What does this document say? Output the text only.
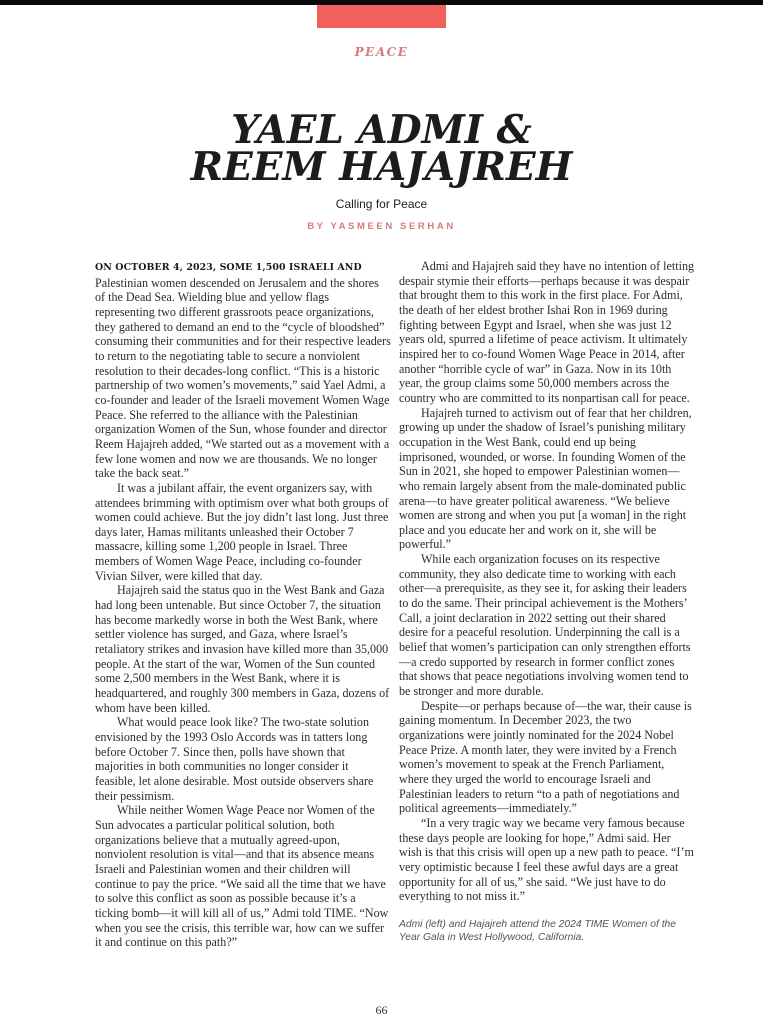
PEACE
YAEL ADMI &
REEM HAJAJREH
Calling for Peace
BY YASMEEN SERHAN

ON OCTOBER 4, 2023, SOME 1,500 ISRAELI AND Palestinian women descended on Jerusalem and the shores of the Dead Sea. Wielding blue and yellow flags representing two different grassroots peace organizations, they gathered to demand an end to the “cycle of bloodshed” consuming their communities and for their respective leaders to return to the negotiating table to secure a nonviolent resolution to their decades-long conflict. “This is a historic partnership of two women’s movements,” said Yael Admi, a co-founder and leader of the Israeli movement Women Wage Peace. She referred to the alliance with the Palestinian organization Women of the Sun, whose founder and director Reem Hajajreh added, “We started out as a movement with a few lone women and now we are thousands. We no longer take the back seat.”

It was a jubilant affair, the event organizers say, with attendees brimming with optimism over what both groups of women could achieve. But the joy didn’t last long. Just three days later, Hamas militants unleashed their October 7 massacre, killing some 1,200 people in Israel. Three members of Women Wage Peace, including co-founder Vivian Silver, were killed that day.

Hajajreh said the status quo in the West Bank and Gaza had long been untenable. But since October 7, the situation has become markedly worse in both the West Bank, where settler violence has surged, and Gaza, where Israel’s retaliatory strikes and invasion have killed more than 35,000 people. At the start of the war, Women of the Sun counted some 2,500 members in the West Bank, where it is headquartered, and roughly 300 members in Gaza, dozens of whom have been killed.

What would peace look like? The two-state solution envisioned by the 1993 Oslo Accords was in tatters long before October 7. Since then, polls have shown that majorities in both communities no longer consider it feasible, let alone desirable. Most outside observers share their pessimism.

While neither Women Wage Peace nor Women of the Sun advocates a particular political solution, both organizations believe that a mutually agreed-upon, nonviolent resolution is vital—and that its absence means Israeli and Palestinian women and their children will continue to pay the price. “We said all the time that we have to solve this conflict as soon as possible because it’s a ticking bomb—it will kill all of us,” Admi told TIME. “Now when you see the crisis, this terrible war, how can we suffer it and continue on this path?”

Admi and Hajajreh said they have no intention of letting despair stymie their efforts—perhaps because it was despair that brought them to this work in the first place. For Admi, the death of her eldest brother Ishai Ron in 1969 during fighting between Egypt and Israel, when she was just 12 years old, spurred a lifetime of peace activism. It ultimately inspired her to co-found Women Wage Peace in 2014, after another “horrible cycle of war” in Gaza. Now in its 10th year, the group claims some 50,000 members across the country who are committed to its nonpartisan call for peace.

Hajajreh turned to activism out of fear that her children, growing up under the shadow of Israel’s punishing military occupation in the West Bank, could end up being imprisoned, wounded, or worse. In founding Women of the Sun in 2021, she hoped to empower Palestinian women—who remain largely absent from the male-dominated public arena—to have greater political awareness. “We believe women are strong and when you put [a woman] in the right place and you educate her and work on it, she will be powerful.”

While each organization focuses on its respective community, they also dedicate time to working with each other—a prerequisite, as they see it, for asking their leaders to do the same. Their principal achievement is the Mothers’ Call, a joint declaration in 2022 setting out their shared desire for a peaceful resolution. Underpinning the call is a belief that women’s participation can only strengthen efforts—a credo supported by research in former conflict zones that shows that peace negotiations involving women tend to be stronger and more durable.

Despite—or perhaps because of—the war, their cause is gaining momentum. In December 2023, the two organizations were jointly nominated for the 2024 Nobel Peace Prize. A month later, they were invited by a French women’s movement to speak at the French Parliament, where they urged the world to encourage Israeli and Palestinian leaders to return “to a path of negotiations and political agreements—immediately.”

“In a very tragic way we became very famous because these days people are looking for hope,” Admi said. Her wish is that this crisis will open up a new path to peace. “I’m very optimistic because I feel these awful days are a great opportunity for all of us,” she said. “We just have to do everything to not miss it.”

Admi (left) and Hajajreh attend the 2024 TIME Women of the Year Gala in West Hollywood, California.
66
